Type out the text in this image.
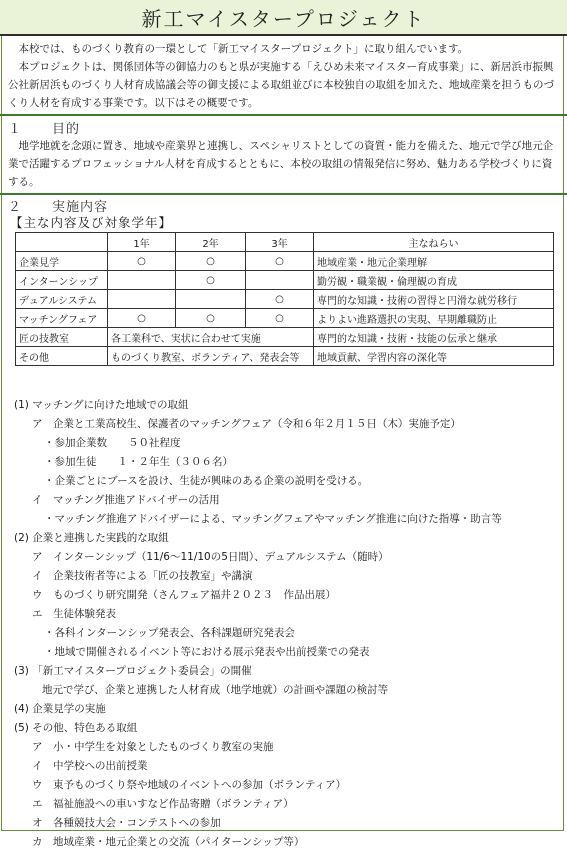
新工マイスタープロジェクト

本校では、ものづくり教育の一環として「新工マイスタープロジェクト」に取り組んでいます。

本プロジェクトは、関係団体等の御協力のもと県が実施する「えひめ未来マイスター育成事業」に、新居浜市振興公社新居浜ものづくり人材育成協議会等の御支援による取組並びに本校独自の取組を加えた、地域産業を担うものづくり人材を育成する事業です。以下はその概要です。

１ 目的

地学地就を念頭に置き、地域や産業界と連携し、スペシャリストとしての資質・能力を備えた、地元で学び地元企業で活躍するプロフェッショナル人材を育成するとともに、本校の取組の情報発信に努め、魅力ある学校づくりに資する。

２ 実施内容
【主な内容及び対象学年】
	1年	2年	3年	主なねらい
企業見学	○	○	○	地域産業・地元企業理解
インターンシップ		○		勤労観・職業観・倫理観の育成
デュアルシステム			○	専門的な知識・技術の習得と円滑な就労移行
マッチングフェア	○	○	○	よりよい進路選択の実現、早期離職防止
匠の技教室	各工業科で、実状に合わせて実施			専門的な知識・技術・技能の伝承と継承
その他	ものづくり教室、ボランティア、発表会等			地域貢献、学習内容の深化等
(1) マッチングに向けた地域での取組
ア　企業と工業高校生、保護者のマッチングフェア（令和６年２月１５日（木）実施予定）
・参加企業数　　５０社程度
・参加生徒　　１・２年生（３０６名）
・企業ごとにブースを設け、生徒が興味のある企業の説明を受ける。
イ　マッチング推進アドバイザーの活用
・マッチング推進アドバイザーによる、マッチングフェアやマッチング推進に向けた指導・助言等
(2) 企業と連携した実践的な取組
ア　インターンシップ（11/6～11/10の5日間）、デュアルシステム（随時）
イ　企業技術者等による「匠の技教室」や講演
ウ　ものづくり研究開発（さんフェア福井２０２３　作品出展）
エ　生徒体験発表
・各科インターンシップ発表会、各科課題研究発表会
・地域で開催されるイベント等における展示発表や出前授業での発表
(3) 「新工マイスタープロジェクト委員会」の開催
地元で学び、企業と連携した人材育成（地学地就）の計画や課題の検討等
(4) 企業見学の実施
(5) その他、特色ある取組
ア　小・中学生を対象としたものづくり教室の実施
イ　中学校への出前授業
ウ　東予ものづくり祭や地域のイベントへの参加（ボランティア）
エ　福祉施設への車いすなど作品寄贈（ボランティア）
オ　各種競技大会・コンテストへの参加
カ　地域産業・地元企業との交流（パイターンシップ等）
